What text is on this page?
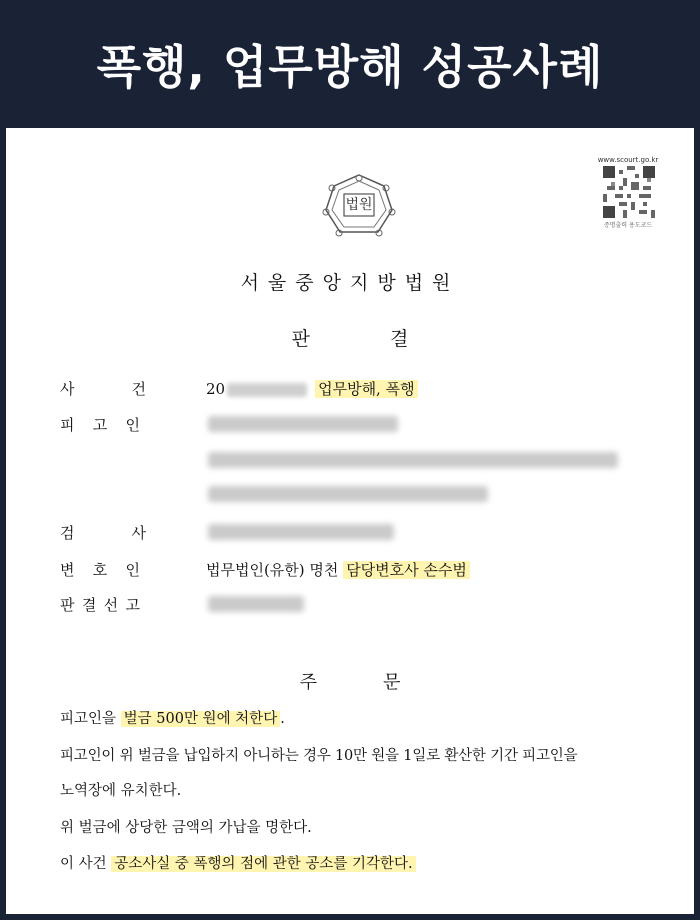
폭행, 업무방해 성공사례
법원
www.scourt.go.kr
증명출력 용도코드
서울중앙지방법원
판	결
사	건	20	업무방해, 폭행
피 고 인
검	사
변 호 인	법무법인(유한) 명천 담당변호사 손수범
판 결 선 고
주	문
피고인을 벌금 500만 원에 처한다 .
피고인이 위 벌금을 납입하지 아니하는 경우 10만 원을 1일로 환산한 기간 피고인을
노역장에 유치한다.
위 벌금에 상당한 금액의 가납을 명한다.
이 사건 공소사실 중 폭행의 점에 관한 공소를 기각한다.
